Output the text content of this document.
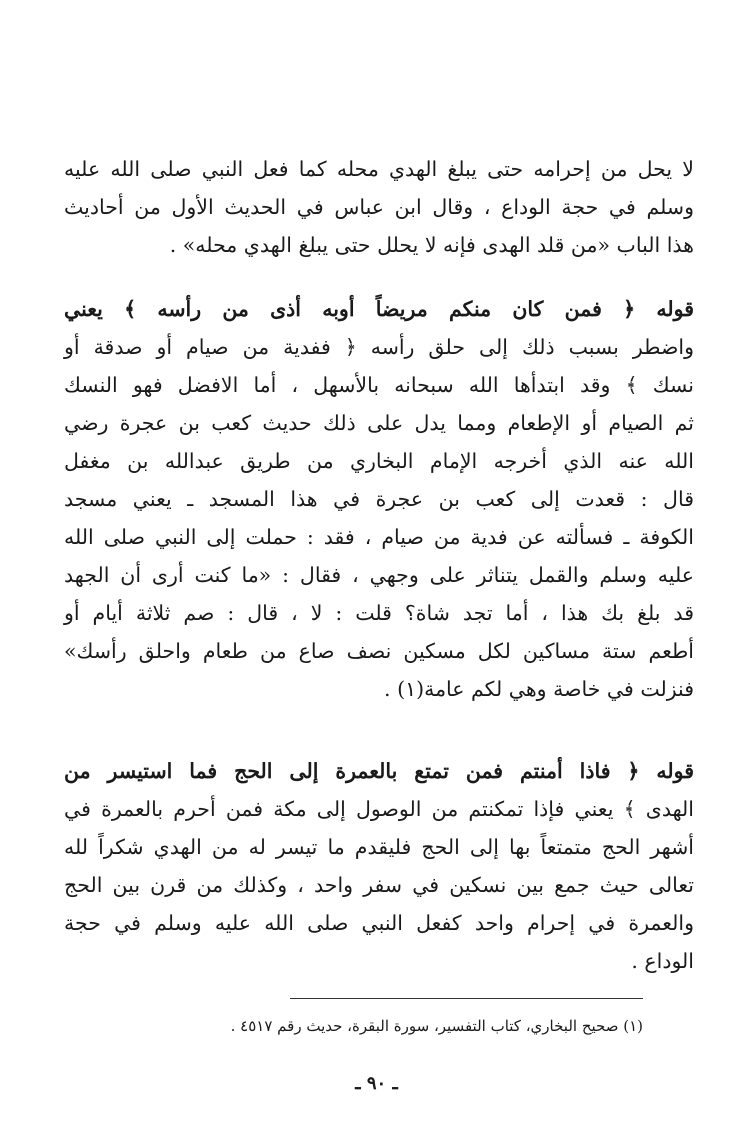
لا يحل من إحرامه حتى يبلغ الهدي محله كما فعل النبي صلى الله عليه
وسلم في حجة الوداع ، وقال ابن عباس في الحديث الأول من أحاديث
هذا الباب «من قلد الهدى فإنه لا يحلل حتى يبلغ الهدي محله» .
قوله ﴿ فمن كان منكم مريضاً أوبه أذى من رأسه ﴾ يعني
واضطر بسبب ذلك إلى حلق رأسه ﴿ ففدية من صيام أو صدقة أو
نسك ﴾ وقد ابتدأها الله سبحانه بالأسهل ، أما الافضل فهو النسك
ثم الصيام أو الإطعام ومما يدل على ذلك حديث كعب بن عجرة رضي
الله عنه الذي أخرجه الإمام البخاري من طريق عبدالله بن مغفل
قال : قعدت إلى كعب بن عجرة في هذا المسجد ـ يعني مسجد
الكوفة ـ فسألته عن فدية من صيام ، فقد : حملت إلى النبي صلى الله
عليه وسلم والقمل يتناثر على وجهي ، فقال : «ما كنت أرى أن الجهد
قد بلغ بك هذا ، أما تجد شاة؟ قلت : لا ، قال : صم ثلاثة أيام أو
أطعم ستة مساكين لكل مسكين نصف صاع من طعام واحلق رأسك»
فنزلت في خاصة وهي لكم عامة(١) .
قوله ﴿ فاذا أمنتم فمن تمتع بالعمرة إلى الحج فما استيسر من
الهدى ﴾ يعني فإذا تمكنتم من الوصول إلى مكة فمن أحرم بالعمرة في
أشهر الحج متمتعاً بها إلى الحج فليقدم ما تيسر له من الهدي شكراً لله
تعالى حيث جمع بين نسكين في سفر واحد ، وكذلك من قرن بين الحج
والعمرة في إحرام واحد كفعل النبي صلى الله عليه وسلم في حجة
الوداع .
(١) صحيح البخاري، كتاب التفسير، سورة البقرة، حديث رقم ٤٥١٧ .
ـ ٩٠ ـ
